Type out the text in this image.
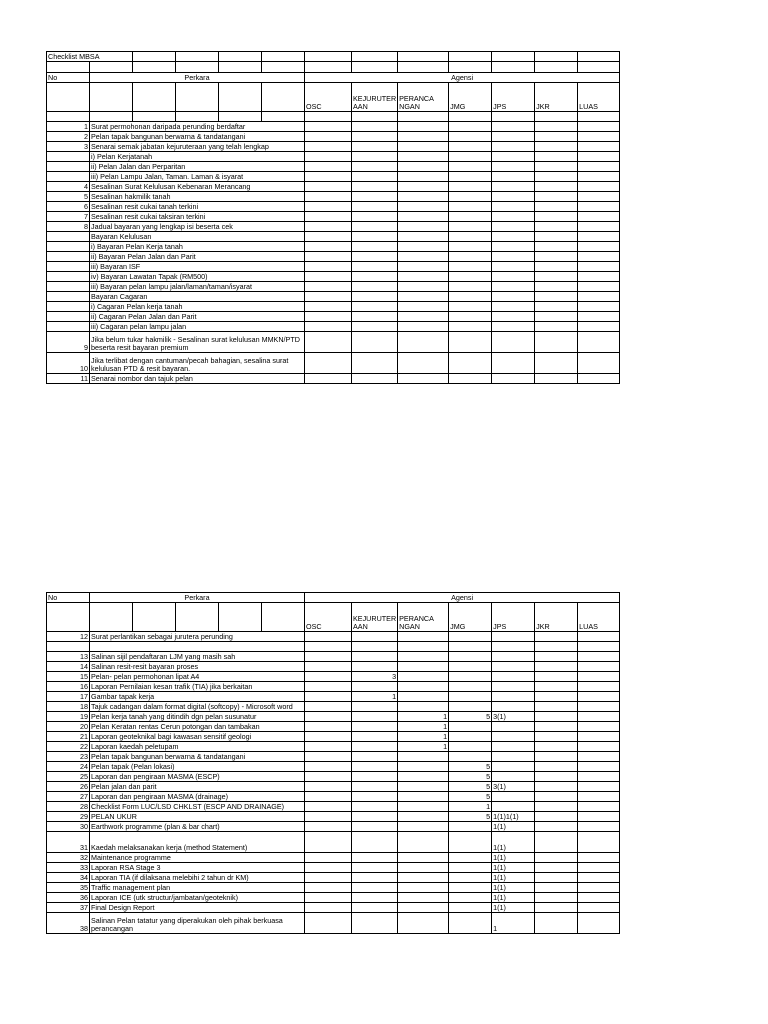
Checklist MBSA												

No	Perkara					Agensi						
						OSC	KEJURUTER AAN	PERANCA NGAN	JMG	JPS	JKR	LUAS

1	Surat permohonan daripada perunding berdaftar											
2	Pelan tapak bangunan berwarna & tandatangani											
3	Senarai semak jabatan kejuruteraan yang telah lengkap											
	i) Pelan Kerjatanah											
	ii) Pelan Jalan dan Perparitan											
	iii) Pelan Lampu Jalan, Taman. Laman & isyarat											
4	Sesalinan Surat Kelulusan Kebenaran Merancang											
5	Sesalinan hakmilik tanah											
6	Sesalinan resit cukai tanah terkini											
7	Sesalinan resit cukai taksiran terkini											
8	Jadual bayaran yang lengkap isi beserta cek											
	Bayaran Kelulusan											
	i) Bayaran Pelan Kerja tanah											
	ii) Bayaran Pelan Jalan dan Parit											
	iii) Bayaran ISF											
	iv) Bayaran Lawatan Tapak (RM500)											
	iii) Bayaran pelan lampu jalan/laman/taman/isyarat											
	Bayaran Cagaran											
	i) Cagaran Pelan kerja tanah											
	ii) Cagaran Pelan Jalan dan Parit											
	iii) Cagaran pelan lampu jalan											
9	Jika belum tukar hakmilik - Sesalinan surat kelulusan MMKN/PTD beserta resit bayaran premium											
10	Jika terlibat dengan cantuman/pecah bahagian, sesalina surat kelulusan PTD & resit bayaran.											
11	Senarai nombor dan tajuk pelan											
No	Perkara					Agensi						
						OSC	KEJURUTER AAN	PERANCA NGAN	JMG	JPS	JKR	LUAS
12	Surat perlantikan sebagai jurutera perunding											

13	Salinan sijil pendaftaran LJM yang masih sah											
14	Salinan resit-resit bayaran proses											
15	Pelan- pelan permohonan lipat A4						3					
16	Laporan Pernilaian kesan trafik (TIA) jika berkaitan											
17	Gambar tapak kerja						1					
18	Tajuk cadangan dalam format digital (softcopy) - Microsoft word											
19	Pelan kerja tanah yang ditindih dgn pelan susunatur							1	5	3(1)		
20	Pelan Keratan rentas Cerun potongan dan tambakan							1				
21	Laporan geoteknikal bagi kawasan sensitif geologi							1				
22	Laporan kaedah peletupam							1				
23	Pelan tapak bangunan berwarna & tandatangani											
24	Pelan tapak (Pelan lokasi)								5			
25	Laporan dan pengiraan MASMA (ESCP)								5			
26	Pelan jalan dan parit								5	3(1)		
27	Laporan dan pengiraan MASMA (drainage)								5			
28	Checklist Form LUC/LSD CHKLST (ESCP AND DRAINAGE)								1			
29	PELAN UKUR								5	1(1)1(1)		
30	Earthwork programme (plan & bar chart)									1(1)		
31	Kaedah melaksanakan kerja (method Statement)									1(1)		
32	Maintenance programme									1(1)		
33	Laporan RSA Stage 3									1(1)		
34	Laporan TIA (if dilaksana melebihi 2 tahun dr KM)									1(1)		
35	Traffic management plan									1(1)		
36	Laporan ICE (utk structur/jambatan/geoteknik)									1(1)		
37	Final Design Report									1(1)		
38	Salinan Pelan tatatur yang diperakukan oleh pihak berkuasa perancangan									1		
